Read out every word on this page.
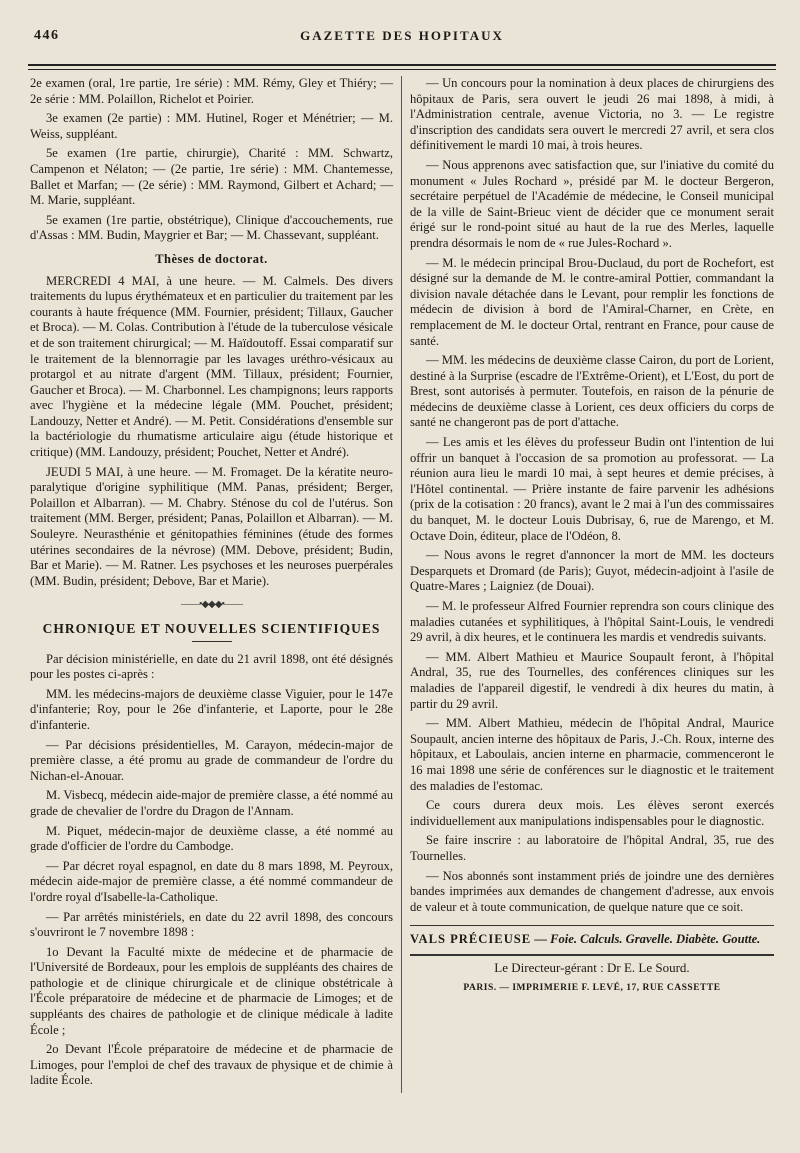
446	GAZETTE DES HOPITAUX

2e examen (oral, 1re partie, 1re série) : MM. Rémy, Gley et Thiéry; — 2e série : MM. Polaillon, Richelot et Poirier.

3e examen (2e partie) : MM. Hutinel, Roger et Ménétrier; — M. Weiss, suppléant.

5e examen (1re partie, chirurgie), Charité : MM. Schwartz, Campenon et Nélaton; — (2e partie, 1re série) : MM. Chantemesse, Ballet et Marfan; — (2e série) : MM. Raymond, Gilbert et Achard; — M. Marie, suppléant.

5e examen (1re partie, obstétrique), Clinique d'accouchements, rue d'Assas : MM. Budin, Maygrier et Bar; — M. Chassevant, suppléant.

Thèses de doctorat.

MERCREDI 4 MAI, à une heure. — M. Calmels. Des divers traitements du lupus érythémateux et en particulier du traitement par les courants à haute fréquence (MM. Fournier, président; Tillaux, Gaucher et Broca). — M. Colas. Contribution à l'étude de la tuberculose vésicale et de son traitement chirurgical; — M. Haïdoutoff. Essai comparatif sur le traitement de la blennorragie par les lavages uréthro-vésicaux au protargol et au nitrate d'argent (MM. Tillaux, président; Fournier, Gaucher et Broca). — M. Charbonnel. Les champignons; leurs rapports avec l'hygiène et la médecine légale (MM. Pouchet, président; Landouzy, Netter et André). — M. Petit. Considérations d'ensemble sur la bactériologie du rhumatisme articulaire aigu (étude historique et critique) (MM. Landouzy, président; Pouchet, Netter et André).

JEUDI 5 MAI, à une heure. — M. Fromaget. De la kératite neuro-paralytique d'origine syphilitique (MM. Panas, président; Berger, Polaillon et Albarran). — M. Chabry. Sténose du col de l'utérus. Son traitement (MM. Berger, président; Panas, Polaillon et Albarran). — M. Souleyre. Neurasthénie et génitopathies féminines (étude des formes utérines secondaires de la névrose) (MM. Debove, président; Budin, Bar et Marie). — M. Ratner. Les psychoses et les neuroses puerpérales (MM. Budin, président; Debove, Bar et Marie).

——•◆◆◆•——
CHRONIQUE ET NOUVELLES SCIENTIFIQUES

Par décision ministérielle, en date du 21 avril 1898, ont été désignés pour les postes ci-après :

MM. les médecins-majors de deuxième classe Viguier, pour le 147e d'infanterie; Roy, pour le 26e d'infanterie, et Laporte, pour le 28e d'infanterie.

— Par décisions présidentielles, M. Carayon, médecin-major de première classe, a été promu au grade de commandeur de l'ordre du Nichan-el-Anouar.

M. Visbecq, médecin aide-major de première classe, a été nommé au grade de chevalier de l'ordre du Dragon de l'Annam.

M. Piquet, médecin-major de deuxième classe, a été nommé au grade d'officier de l'ordre du Cambodge.

— Par décret royal espagnol, en date du 8 mars 1898, M. Peyroux, médecin aide-major de première classe, a été nommé commandeur de l'ordre royal d'Isabelle-la-Catholique.

— Par arrêtés ministériels, en date du 22 avril 1898, des concours s'ouvriront le 7 novembre 1898 :

1o Devant la Faculté mixte de médecine et de pharmacie de l'Université de Bordeaux, pour les emplois de suppléants des chaires de pathologie et de clinique chirurgicale et de clinique obstétricale à l'École préparatoire de médecine et de pharmacie de Limoges; et de suppléants des chaires de pathologie et de clinique médicale à ladite École ;

2o Devant l'École préparatoire de médecine et de pharmacie de Limoges, pour l'emploi de chef des travaux de physique et de chimie à ladite École.

— Un concours pour la nomination à deux places de chirurgiens des hôpitaux de Paris, sera ouvert le jeudi 26 mai 1898, à midi, à l'Administration centrale, avenue Victoria, no 3. — Le registre d'inscription des candidats sera ouvert le mercredi 27 avril, et sera clos définitivement le mardi 10 mai, à trois heures.

— Nous apprenons avec satisfaction que, sur l'iniative du comité du monument « Jules Rochard », présidé par M. le docteur Bergeron, secrétaire perpétuel de l'Académie de médecine, le Conseil municipal de la ville de Saint-Brieuc vient de décider que ce monument serait érigé sur le rond-point situé au haut de la rue des Merles, laquelle prendra désormais le nom de « rue Jules-Rochard ».

— M. le médecin principal Brou-Duclaud, du port de Rochefort, est désigné sur la demande de M. le contre-amiral Pottier, commandant la division navale détachée dans le Levant, pour remplir les fonctions de médecin de division à bord de l'Amiral-Charner, en Crète, en remplacement de M. le docteur Ortal, rentrant en France, pour cause de santé.

— MM. les médecins de deuxième classe Cairon, du port de Lorient, destiné à la Surprise (escadre de l'Extrême-Orient), et L'Eost, du port de Brest, sont autorisés à permuter. Toutefois, en raison de la pénurie de médecins de deuxième classe à Lorient, ces deux officiers du corps de santé ne changeront pas de port d'attache.

— Les amis et les élèves du professeur Budin ont l'intention de lui offrir un banquet à l'occasion de sa promotion au professorat. — La réunion aura lieu le mardi 10 mai, à sept heures et demie précises, à l'Hôtel continental. — Prière instante de faire parvenir les adhésions (prix de la cotisation : 20 francs), avant le 2 mai à l'un des commissaires du banquet, M. le docteur Louis Dubrisay, 6, rue de Marengo, et M. Octave Doin, éditeur, place de l'Odéon, 8.

— Nous avons le regret d'annoncer la mort de MM. les docteurs Desparquets et Dromard (de Paris); Guyot, médecin-adjoint à l'asile de Quatre-Mares ; Laigniez (de Douai).

— M. le professeur Alfred Fournier reprendra son cours clinique des maladies cutanées et syphilitiques, à l'hôpital Saint-Louis, le vendredi 29 avril, à dix heures, et le continuera les mardis et vendredis suivants.

— MM. Albert Mathieu et Maurice Soupault feront, à l'hôpital Andral, 35, rue des Tournelles, des conférences cliniques sur les maladies de l'appareil digestif, le vendredi à dix heures du matin, à partir du 29 avril.

— MM. Albert Mathieu, médecin de l'hôpital Andral, Maurice Soupault, ancien interne des hôpitaux de Paris, J.-Ch. Roux, interne des hôpitaux, et Laboulais, ancien interne en pharmacie, commenceront le 16 mai 1898 une série de conférences sur le diagnostic et le traitement des maladies de l'estomac.

Ce cours durera deux mois. Les élèves seront exercés individuellement aux manipulations indispensables pour le diagnostic.

Se faire inscrire : au laboratoire de l'hôpital Andral, 35, rue des Tournelles.

— Nos abonnés sont instamment priés de joindre une des dernières bandes imprimées aux demandes de changement d'adresse, aux envois de valeur et à toute communication, de quelque nature que ce soit.

VALS PRÉCIEUSE — Foie. Calculs. Gravelle. Diabète. Goutte.
Le Directeur-gérant : Dr E. Le Sourd.
PARIS. — IMPRIMERIE F. LEVÉ, 17, RUE CASSETTE
